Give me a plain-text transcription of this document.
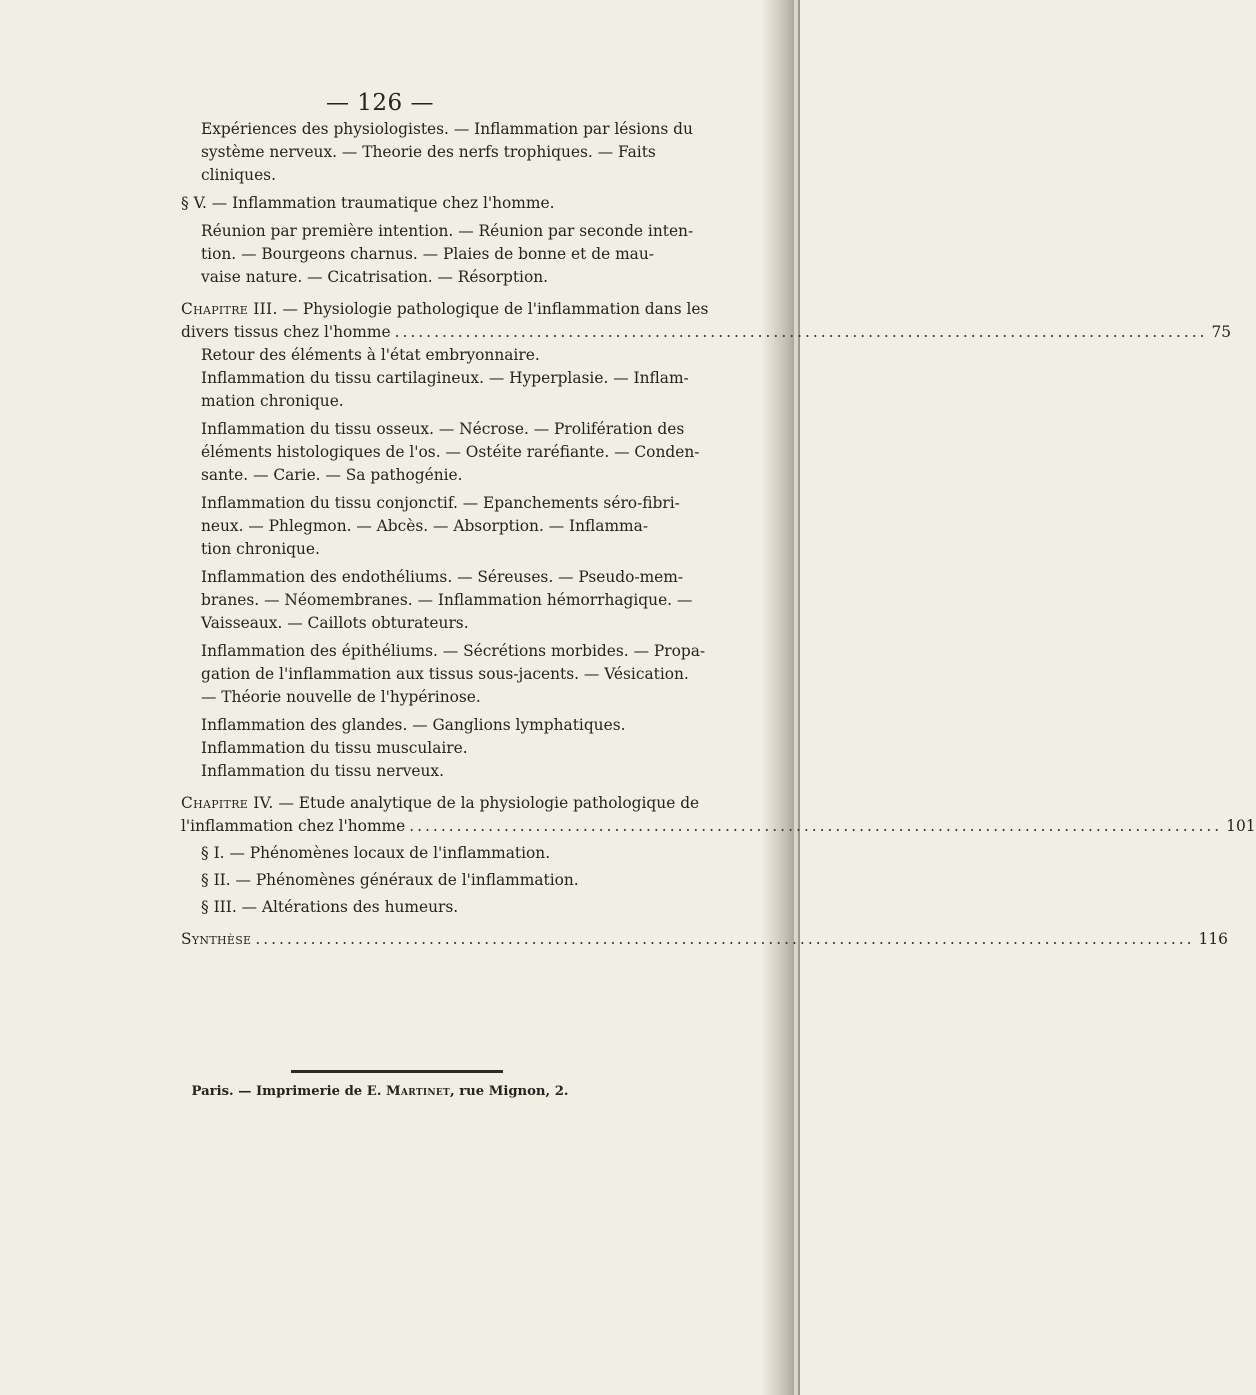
— 126 —
Expériences des physiologistes. — Inflammation par lésions du
système nerveux. — Theorie des nerfs trophiques. — Faits
cliniques.
§ V. — Inflammation traumatique chez l'homme.
Réunion par première intention. — Réunion par seconde inten-
tion. — Bourgeons charnus. — Plaies de bonne et de mau-
vaise nature. — Cicatrisation. — Résorption.
Chapitre III. — Physiologie pathologique de l'inflammation dans les
divers tissus chez l'homme ....................................................................................................... 75
Retour des éléments à l'état embryonnaire.
Inflammation du tissu cartilagineux. — Hyperplasie. — Inflam-
mation chronique.
Inflammation du tissu osseux. — Nécrose. — Prolifération des
éléments histologiques de l'os. — Ostéite raréfiante. — Conden-
sante. — Carie. — Sa pathogénie.
Inflammation du tissu conjonctif. — Epanchements séro-fibri-
neux. — Phlegmon. — Abcès. — Absorption. — Inflamma-
tion chronique.
Inflammation des endothéliums. — Séreuses. — Pseudo-mem-
branes. — Néomembranes. — Inflammation hémorrhagique. —
Vaisseaux. — Caillots obturateurs.
Inflammation des épithéliums. — Sécrétions morbides. — Propa-
gation de l'inflammation aux tissus sous-jacents. — Vésication.
— Théorie nouvelle de l'hypérinose.
Inflammation des glandes. — Ganglions lymphatiques.
Inflammation du tissu musculaire.
Inflammation du tissu nerveux.
Chapitre IV. — Etude analytique de la physiologie pathologique de
l'inflammation chez l'homme ....................................................................................................... 101
§ I. — Phénomènes locaux de l'inflammation.
§ II. — Phénomènes généraux de l'inflammation.
§ III. — Altérations des humeurs.
Synthèse ....................................................................................................................... 116
Paris. — Imprimerie de E. Martinet, rue Mignon, 2.
